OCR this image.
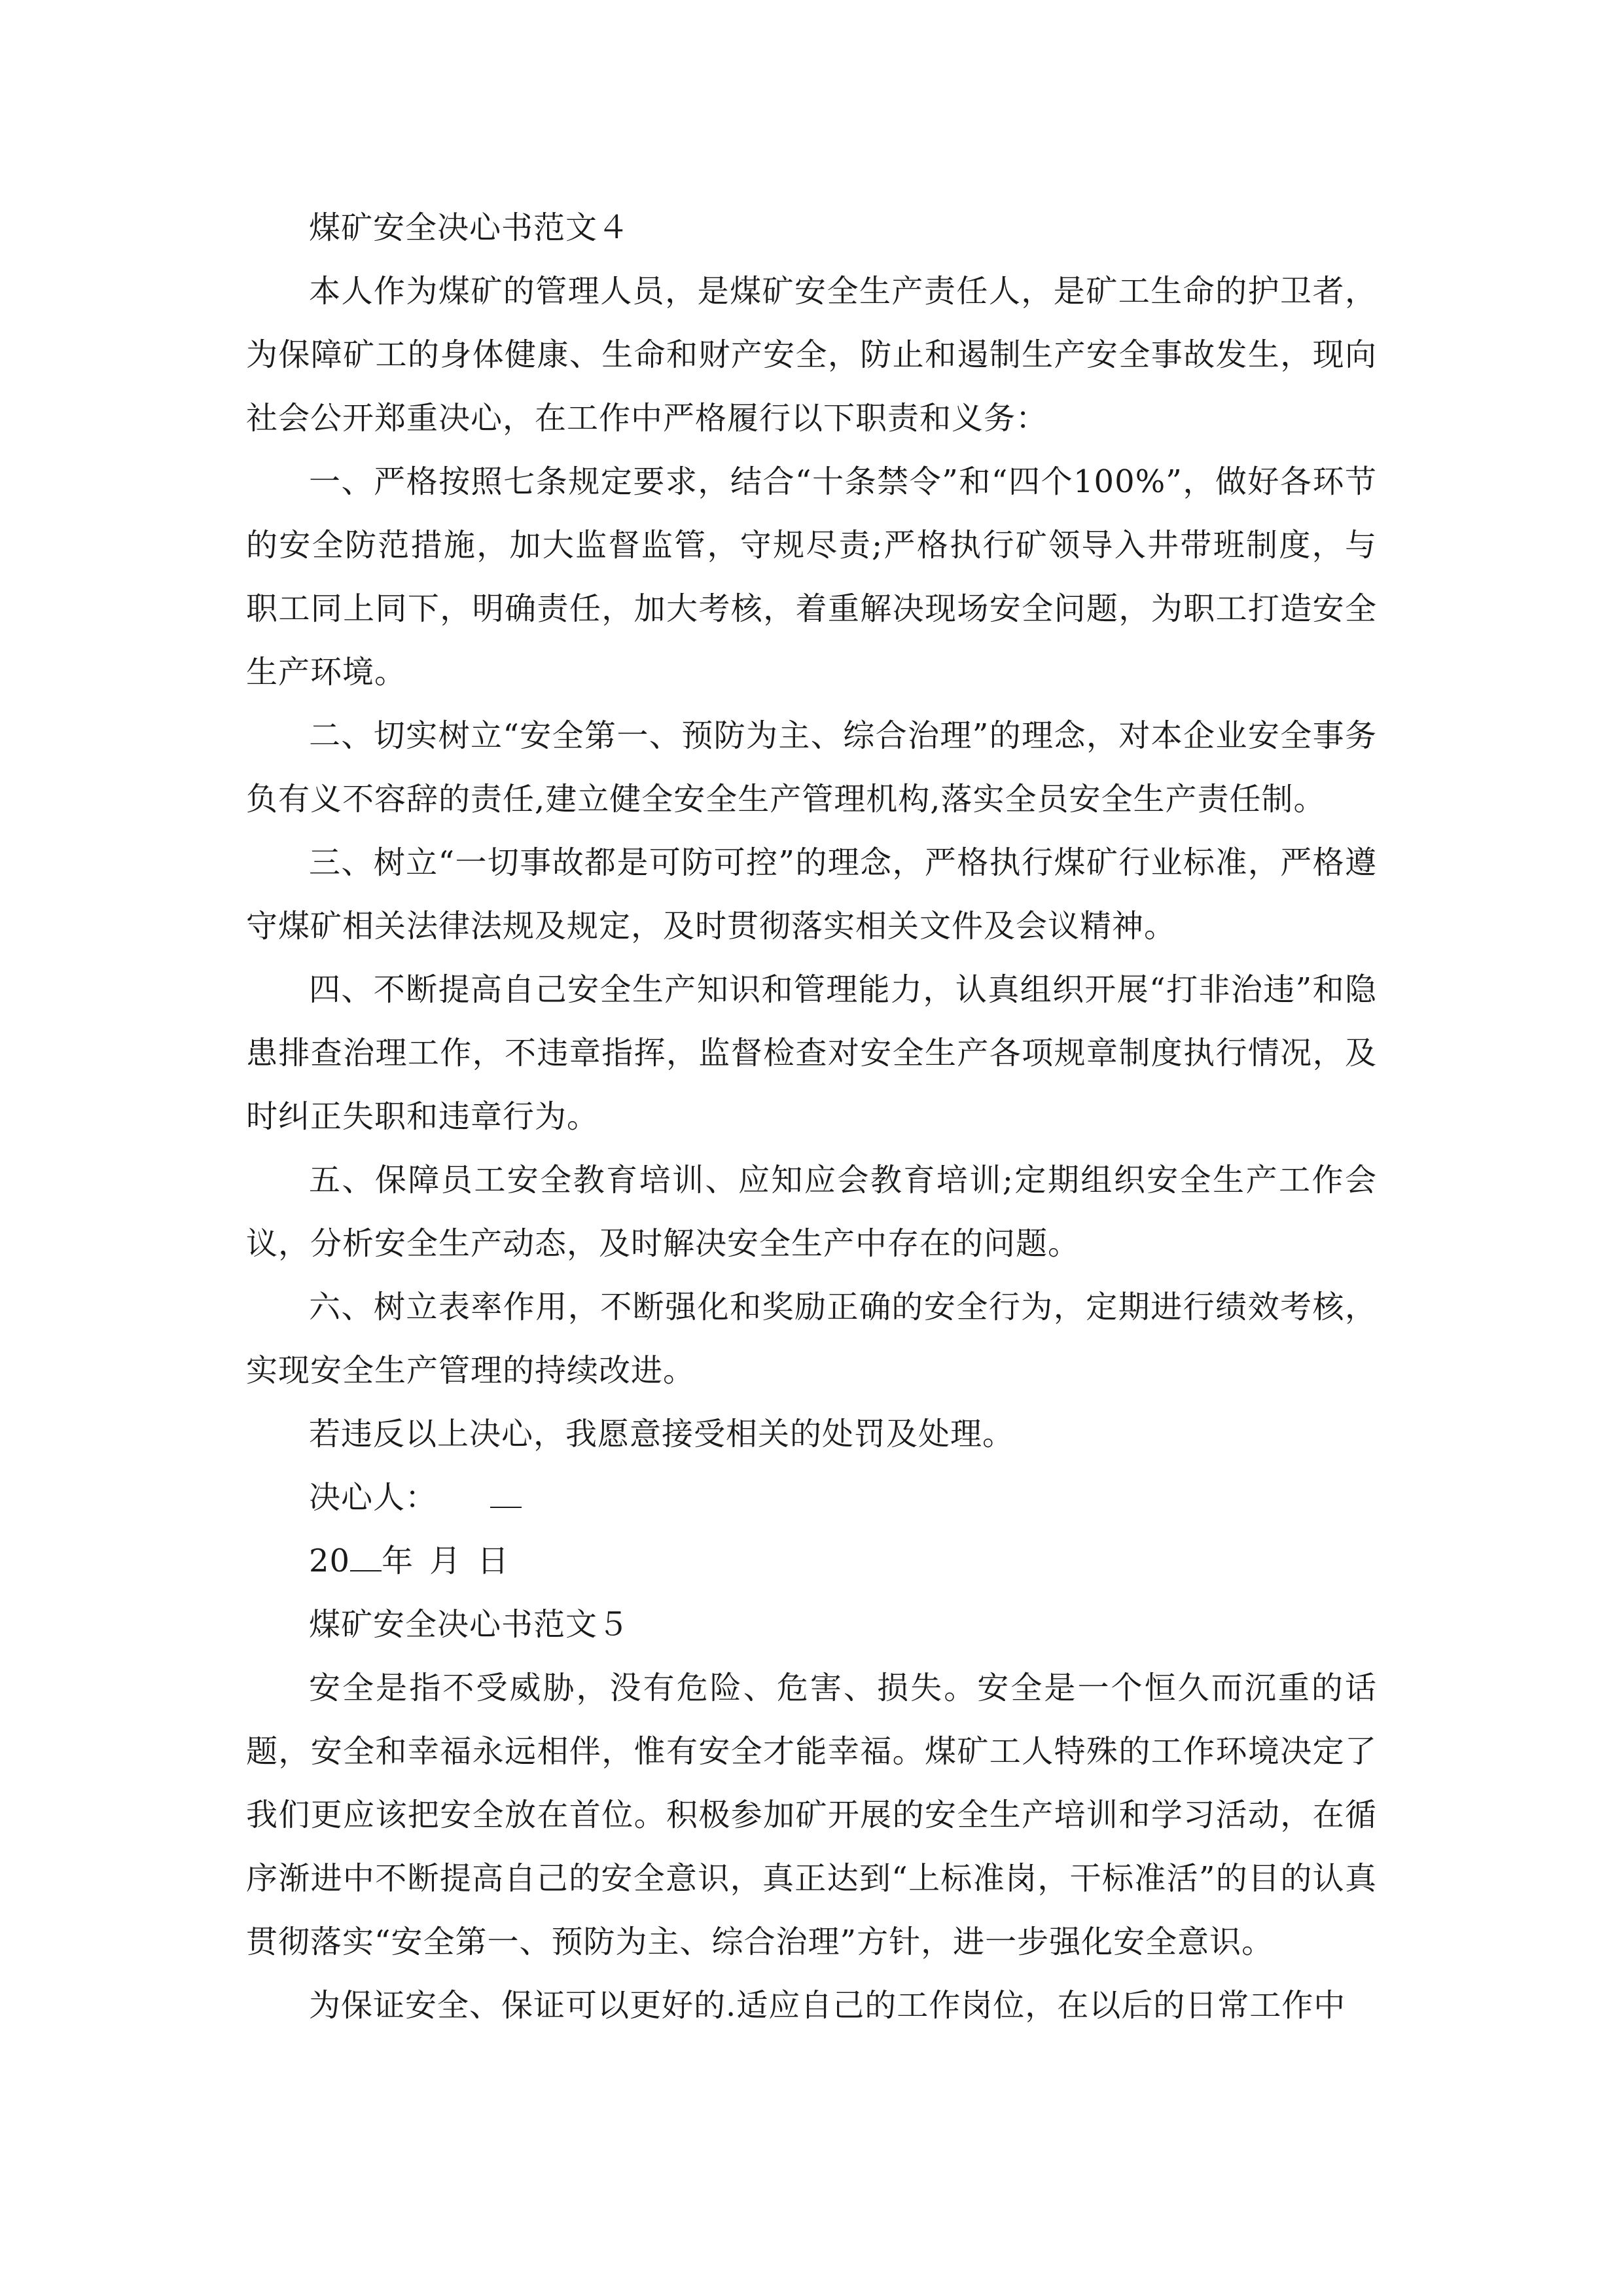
煤矿安全决心书范文４

本人作为煤矿的管理人员，是煤矿安全生产责任人，是矿工生命的护卫者，为保障矿工的身体健康、生命和财产安全，防止和遏制生产安全事故发生，现向社会公开郑重决心，在工作中严格履行以下职责和义务：

一、严格按照七条规定要求，结合“十条禁令”和“四个100%”，做好各环节的安全防范措施，加大监督监管，守规尽责;严格执行矿领导入井带班制度，与职工同上同下，明确责任，加大考核，着重解决现场安全问题，为职工打造安全生产环境。

二、切实树立“安全第一、预防为主、综合治理”的理念，对本企业安全事务负有义不容辞的责任,建立健全安全生产管理机构,落实全员安全生产责任制。

三、树立“一切事故都是可防可控”的理念，严格执行煤矿行业标准，严格遵守煤矿相关法律法规及规定，及时贯彻落实相关文件及会议精神。

四、不断提高自己安全生产知识和管理能力，认真组织开展“打非治违”和隐患排查治理工作，不违章指挥，监督检查对安全生产各项规章制度执行情况，及时纠正失职和违章行为。

五、保障员工安全教育培训、应知应会教育培训;定期组织安全生产工作会议，分析安全生产动态，及时解决安全生产中存在的问题。

六、树立表率作用，不断强化和奖励正确的安全行为，定期进行绩效考核，实现安全生产管理的持续改进。

若违反以上决心，我愿意接受相关的处罚及处理。

决心人：

20 年 月 日

煤矿安全决心书范文５

安全是指不受威胁，没有危险、危害、损失。安全是一个恒久而沉重的话题，安全和幸福永远相伴，惟有安全才能幸福。煤矿工人特殊的工作环境决定了我们更应该把安全放在首位。积极参加矿开展的安全生产培训和学习活动，在循序渐进中不断提高自己的安全意识，真正达到“上标准岗，干标准活”的目的认真贯彻落实“安全第一、预防为主、综合治理”方针，进一步强化安全意识。

为保证安全、保证可以更好的.适应自己的工作岗位，在以后的日常工作中
